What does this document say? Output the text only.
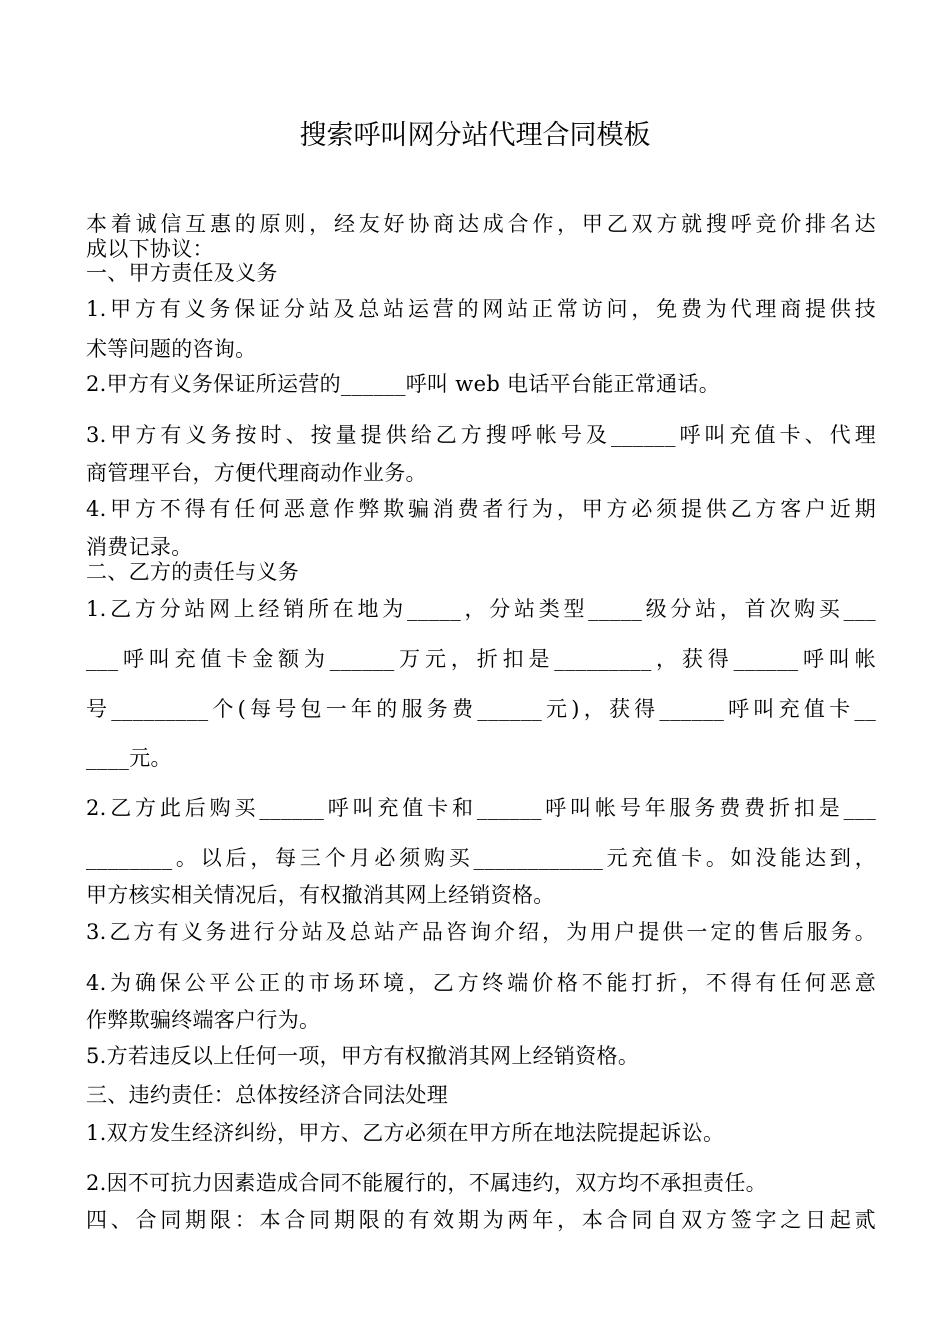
搜索呼叫网分站代理合同模板
本着诚信互惠的原则，经友好协商达成合作，甲乙双方就搜呼竞价排名达
成以下协议：
一、甲方责任及义务
1.甲方有义务保证分站及总站运营的网站正常访问，免费为代理商提供技
术等问题的咨询。
2.甲方有义务保证所运营的______呼叫 web 电话平台能正常通话。
3.甲方有义务按时、按量提供给乙方搜呼帐号及______呼叫充值卡、代理
商管理平台，方便代理商动作业务。
4.甲方不得有任何恶意作弊欺骗消费者行为，甲方必须提供乙方客户近期
消费记录。
二、乙方的责任与义务
1.乙方分站网上经销所在地为_____，分站类型_____级分站，首次购买___
___呼叫充值卡金额为______万元，折扣是_________，获得______呼叫帐
号_________个(每号包一年的服务费______元)，获得______呼叫充值卡__
____元。
2.乙方此后购买______呼叫充值卡和______呼叫帐号年服务费费折扣是___
________。以后，每三个月必须购买____________元充值卡。如没能达到，
甲方核实相关情况后，有权撤消其网上经销资格。
3.乙方有义务进行分站及总站产品咨询介绍，为用户提供一定的售后服务。
4.为确保公平公正的市场环境，乙方终端价格不能打折，不得有任何恶意
作弊欺骗终端客户行为。
5.方若违反以上任何一项，甲方有权撤消其网上经销资格。
三、违约责任：总体按经济合同法处理
1.双方发生经济纠纷，甲方、乙方必须在甲方所在地法院提起诉讼。
2.因不可抗力因素造成合同不能履行的，不属违约，双方均不承担责任。
四、合同期限：本合同期限的有效期为两年，本合同自双方签字之日起贰
